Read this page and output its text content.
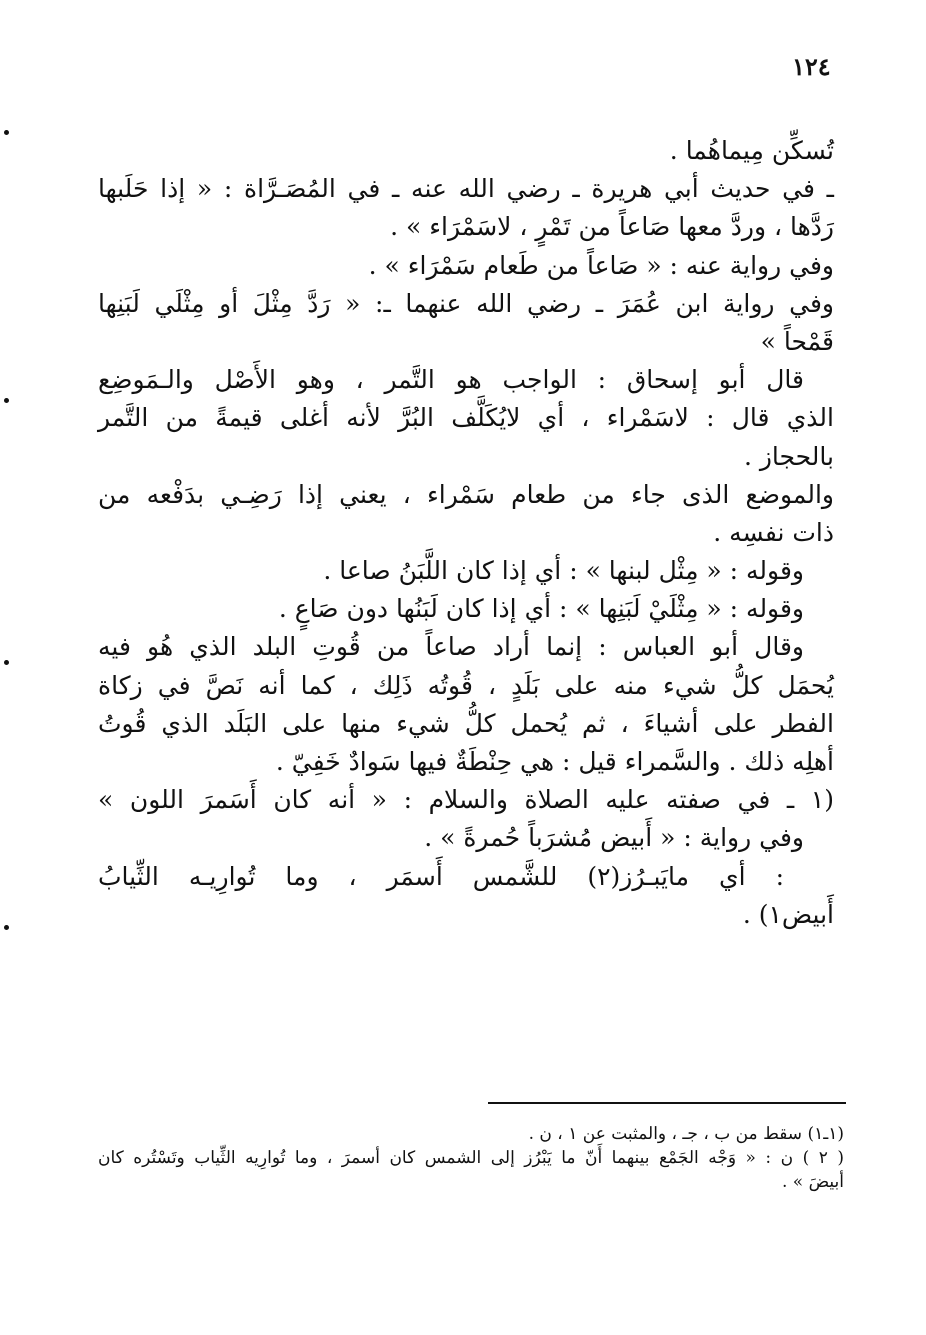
١٢٤
تُسكِّن مِيماهُما .
ـ في حديث أبي هريرة ـ رضي الله عنه ـ في المُصَـرَّاة : « إذا حَلَبها
رَدَّها ، وردَّ معها صَاعاً من تَمْرٍ ، لاسَمْرَاء » .
وفي رواية عنه : « صَاعاً من طَعام سَمْرَاء » .
وفي رواية ابن عُمَرَ ـ رضي الله عنهما ـ: « رَدَّ مِثْلَ أو مِثْلَي لَبَنِها
قَمْحاً »
قال أبو إسحاق : الواجب هو التَّمر ، وهو الأَصْل والـمَوضِع
الذي قال : لاسَمْراء ، أي لايُكَلَّف البُرَّ لأنه أغلى قيمةً من التَّمر
بالحجاز .
والموضع الذى جاء من طعام سَمْراء ، يعني إذا رَضِـي بدَفْعه من
ذات نفسِه .
وقوله : « مِثْل لبنها » : أي إذا كان اللَّبَنُ صاعا .
وقوله : « مِثْلَيْ لَبَنِها » : أي إذا كان لَبَنُها دون صَاعٍ .
وقال أبو العباس : إنما أراد صاعاً من قُوتِ البلد الذي هُو فيه
يُحمَل كلُّ شيء منه على بَلَدٍ ، قُوتُه ذَلِك ، كما أنه نَصَّ في زكاة
الفطر على أشياءَ ، ثم يُحمل كلُّ شيء منها على البَلَد الذي قُوتُ
أهلِه ذلك . والسَّمراء قيل : هي حِنْطَةٌ فيها سَوادٌ خَفِيّ .
(١ ـ في صفته عليه الصلاة والسلام : « أنه كان أَسَمرَ اللون »
وفي رواية : « أَبيض مُشرَباً حُمرةً » .
: أي مايَبـرُز(٢) للشَّمس أَسمَر ، وما تُوارِيـه الثِّيابُ
أَبيض١) .
(١ـ١) سقط من ب ، جـ ، والمثبت عن ١ ، ن .
( ٢ ) ن : « وَجْه الجَمْع بينهما أَنّ ما يَبْرُز إلى الشمس كان أسمرَ ، وما تُوارِيه الثِّياب وتَسْتُره كان
أبيضَ » .
